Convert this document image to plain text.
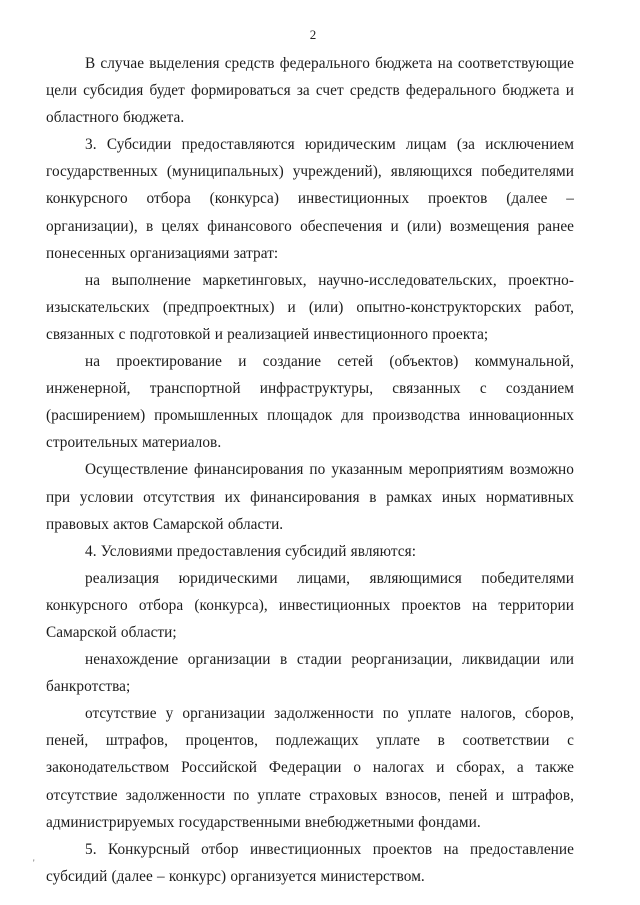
2

В случае выделения средств федерального бюджета на соответствующие цели субсидия будет формироваться за счет средств федерального бюджета и областного бюджета.

3. Субсидии предоставляются юридическим лицам (за исключением государственных (муниципальных) учреждений), являющихся победителями конкурсного отбора (конкурса) инвестиционных проектов (далее – организации), в целях финансового обеспечения и (или) возмещения ранее понесенных организациями затрат:

на выполнение маркетинговых, научно-исследовательских, проектно-изыскательских (предпроектных) и (или) опытно-конструкторских работ, связанных с подготовкой и реализацией инвестиционного проекта;

на проектирование и создание сетей (объектов) коммунальной, инженерной, транспортной инфраструктуры, связанных с созданием (расширением) промышленных площадок для производства инновационных строительных материалов.

Осуществление финансирования по указанным мероприятиям возможно при условии отсутствия их финансирования в рамках иных нормативных правовых актов Самарской области.

4. Условиями предоставления субсидий являются:

реализация юридическими лицами, являющимися победителями конкурсного отбора (конкурса), инвестиционных проектов на территории Самарской области;

ненахождение организации в стадии реорганизации, ликвидации или банкротства;

отсутствие у организации задолженности по уплате налогов, сборов, пеней, штрафов, процентов, подлежащих уплате в соответствии с законодательством Российской Федерации о налогах и сборах, а также отсутствие задолженности по уплате страховых взносов, пеней и штрафов, администрируемых государственными внебюджетными фондами.

5. Конкурсный отбор инвестиционных проектов на предоставление субсидий (далее – конкурс) организуется министерством.

'
